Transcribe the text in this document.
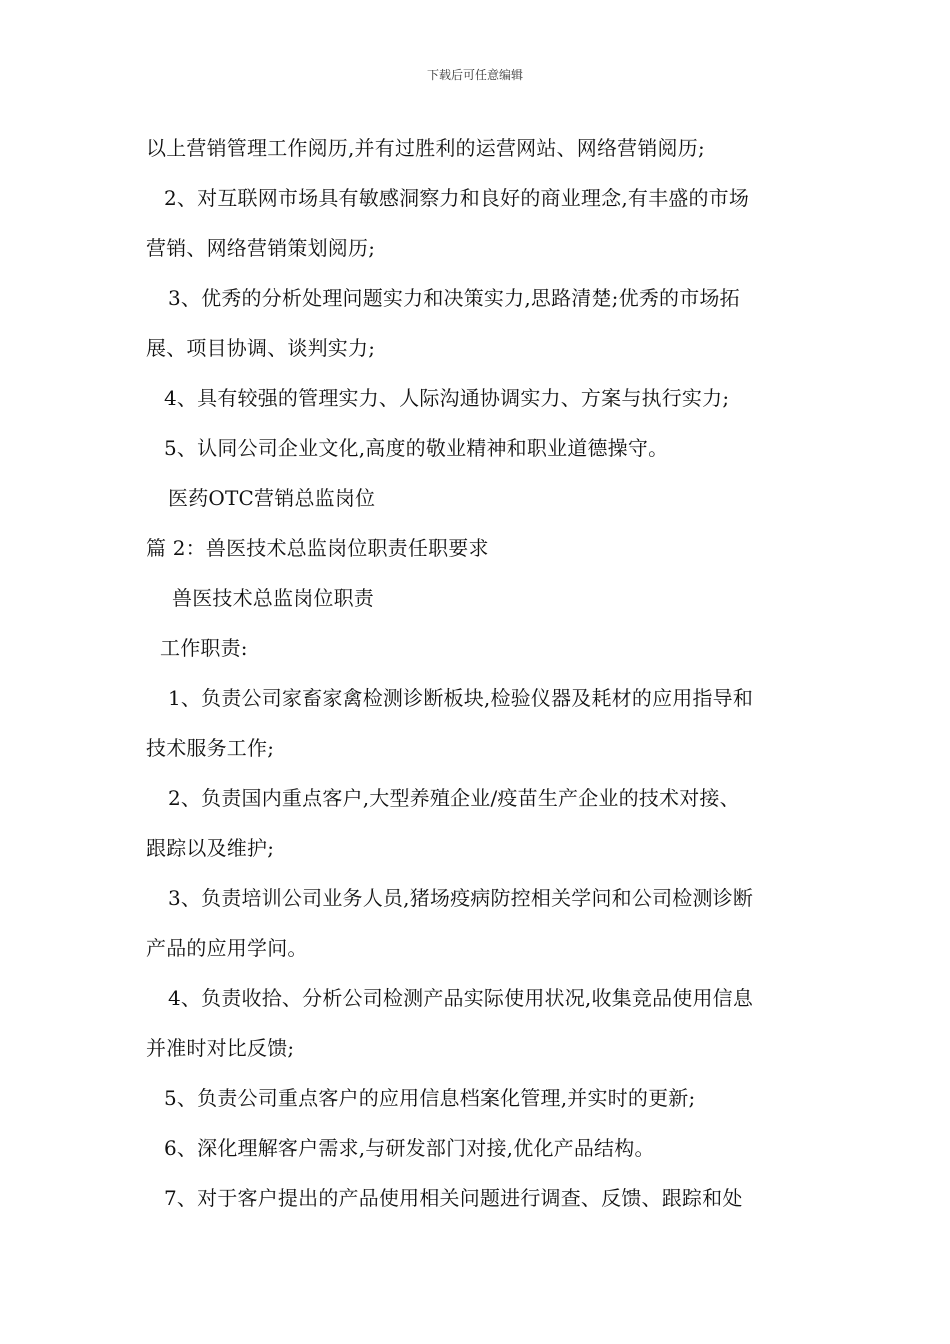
下载后可任意编辑
以上营销管理工作阅历,并有过胜利的运营网站、网络营销阅历;
2、对互联网市场具有敏感洞察力和良好的商业理念,有丰盛的市场
营销、网络营销策划阅历;
3、优秀的分析处理问题实力和决策实力,思路清楚;优秀的市场拓
展、项目协调、谈判实力;
4、具有较强的管理实力、人际沟通协调实力、方案与执行实力;
5、认同公司企业文化,高度的敬业精神和职业道德操守。
医药OTC营销总监岗位
篇 2：兽医技术总监岗位职责任职要求
兽医技术总监岗位职责
工作职责:
1、负责公司家畜家禽检测诊断板块,检验仪器及耗材的应用指导和
技术服务工作;
2、负责国内重点客户,大型养殖企业/疫苗生产企业的技术对接、
跟踪以及维护;
3、负责培训公司业务人员,猪场疫病防控相关学问和公司检测诊断
产品的应用学问。
4、负责收拾、分析公司检测产品实际使用状况,收集竞品使用信息
并准时对比反馈;
5、负责公司重点客户的应用信息档案化管理,并实时的更新;
6、深化理解客户需求,与研发部门对接,优化产品结构。
7、对于客户提出的产品使用相关问题进行调查、反馈、跟踪和处
